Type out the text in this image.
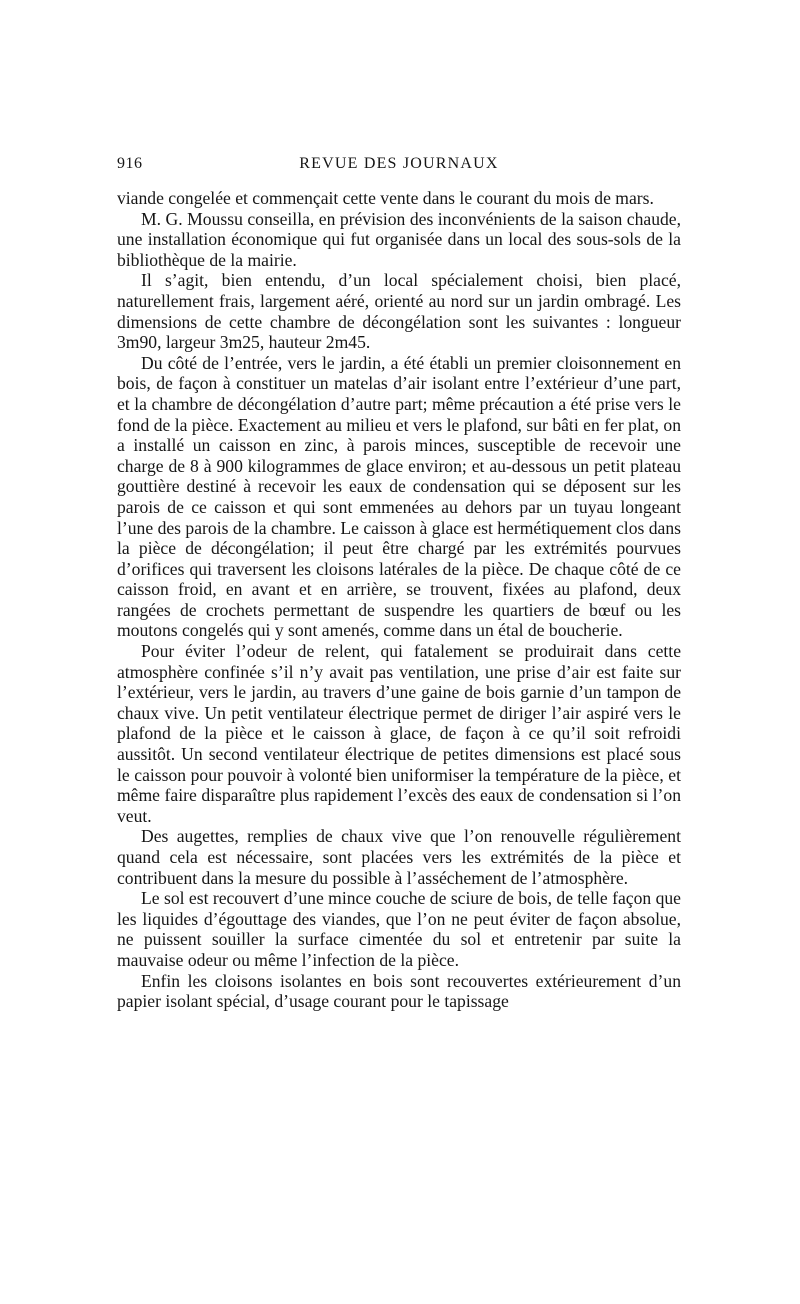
916	REVUE DES JOURNAUX

viande congelée et commençait cette vente dans le courant du mois de mars.

M. G. Moussu conseilla, en prévision des inconvénients de la saison chaude, une installation économique qui fut organisée dans un local des sous-sols de la bibliothèque de la mairie.

Il s’agit, bien entendu, d’un local spécialement choisi, bien placé, naturellement frais, largement aéré, orienté au nord sur un jardin ombragé. Les dimensions de cette chambre de décongélation sont les suivantes : longueur 3m90, largeur 3m25, hauteur 2m45.

Du côté de l’entrée, vers le jardin, a été établi un premier cloisonnement en bois, de façon à constituer un matelas d’air isolant entre l’extérieur d’une part, et la chambre de décongélation d’autre part; même précaution a été prise vers le fond de la pièce. Exactement au milieu et vers le plafond, sur bâti en fer plat, on a installé un caisson en zinc, à parois minces, susceptible de recevoir une charge de 8 à 900 kilogrammes de glace environ; et au-dessous un petit plateau gouttière destiné à recevoir les eaux de condensation qui se déposent sur les parois de ce caisson et qui sont emmenées au dehors par un tuyau longeant l’une des parois de la chambre. Le caisson à glace est hermétiquement clos dans la pièce de décongélation; il peut être chargé par les extrémités pourvues d’orifices qui traversent les cloisons latérales de la pièce. De chaque côté de ce caisson froid, en avant et en arrière, se trouvent, fixées au plafond, deux rangées de crochets permettant de suspendre les quartiers de bœuf ou les moutons congelés qui y sont amenés, comme dans un étal de boucherie.

Pour éviter l’odeur de relent, qui fatalement se produirait dans cette atmosphère confinée s’il n’y avait pas ventilation, une prise d’air est faite sur l’extérieur, vers le jardin, au travers d’une gaine de bois garnie d’un tampon de chaux vive. Un petit ventilateur électrique permet de diriger l’air aspiré vers le plafond de la pièce et le caisson à glace, de façon à ce qu’il soit refroidi aussitôt. Un second ventilateur électrique de petites dimensions est placé sous le caisson pour pouvoir à volonté bien uniformiser la température de la pièce, et même faire disparaître plus rapidement l’excès des eaux de condensation si l’on veut.

Des augettes, remplies de chaux vive que l’on renouvelle régulièrement quand cela est nécessaire, sont placées vers les extrémités de la pièce et contribuent dans la mesure du possible à l’asséchement de l’atmosphère.

Le sol est recouvert d’une mince couche de sciure de bois, de telle façon que les liquides d’égouttage des viandes, que l’on ne peut éviter de façon absolue, ne puissent souiller la surface cimentée du sol et entretenir par suite la mauvaise odeur ou même l’infection de la pièce.

Enfin les cloisons isolantes en bois sont recouvertes extérieurement d’un papier isolant spécial, d’usage courant pour le tapissage
